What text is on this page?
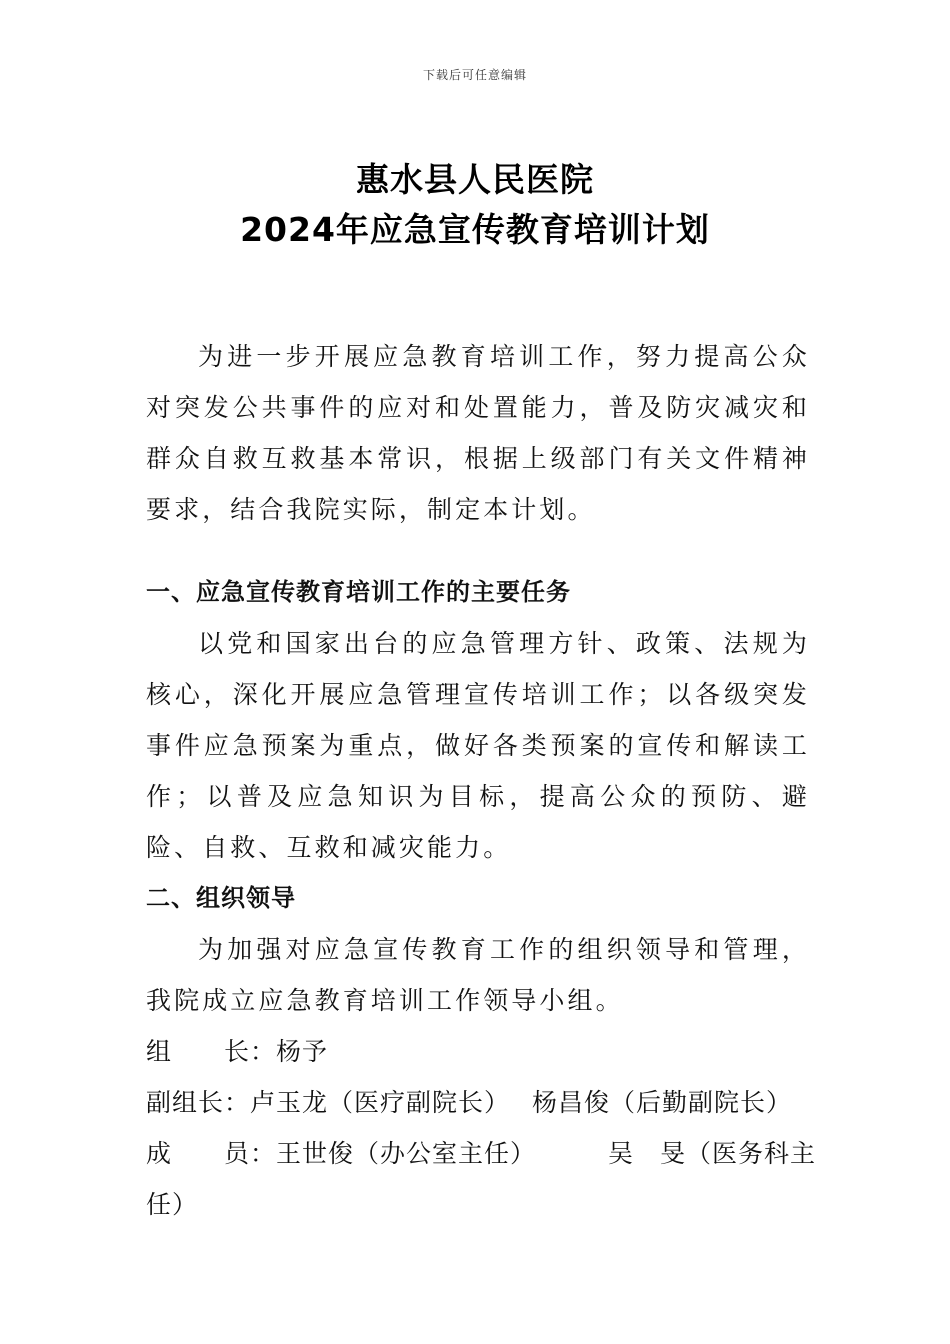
下载后可任意编辑
惠水县人民医院
2024年应急宣传教育培训计划

为进一步开展应急教育培训工作，努力提高公众对突发公共事件的应对和处置能力，普及防灾减灾和群众自救互救基本常识，根据上级部门有关文件精神要求，结合我院实际，制定本计划。

一、应急宣传教育培训工作的主要任务

以党和国家出台的应急管理方针、政策、法规为核心，深化开展应急管理宣传培训工作；以各级突发事件应急预案为重点，做好各类预案的宣传和解读工作；以普及应急知识为目标，提高公众的预防、避险、自救、互救和减灾能力。

二、组织领导

为加强对应急宣传教育工作的组织领导和管理，我院成立应急教育培训工作领导小组。

组　　长：杨予

副组长：卢玉龙（医疗副院长） 杨昌俊（后勤副院长）

成　　员：王世俊（办公室主任）	吴　旻（医务科主

任）
